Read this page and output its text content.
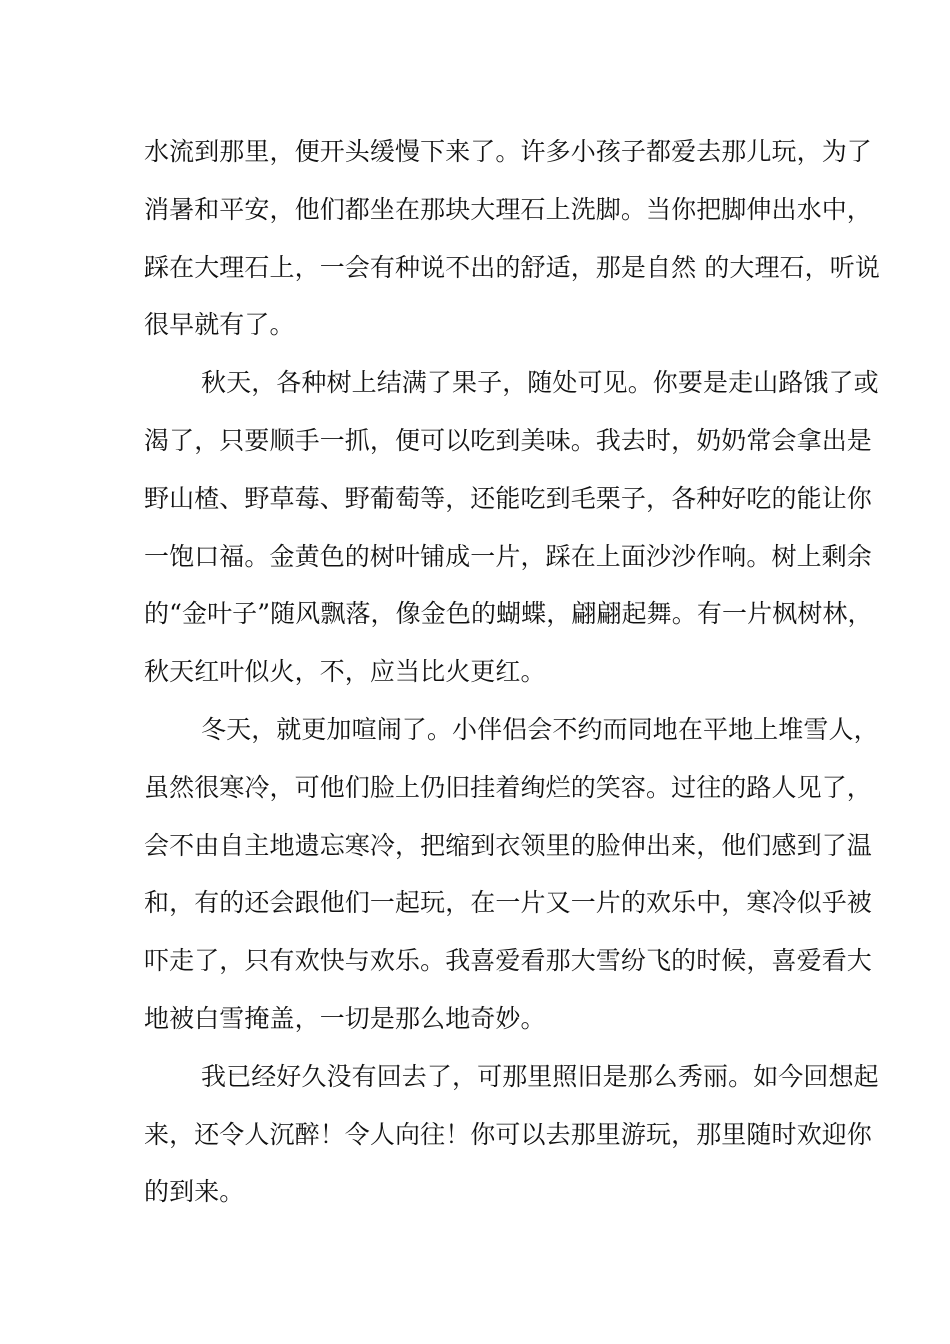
水流到那里，便开头缓慢下来了。许多小孩子都爱去那儿玩，为了
消暑和平安，他们都坐在那块大理石上洗脚。当你把脚伸出水中，
踩在大理石上，一会有种说不出的舒适，那是自然 的大理石，听说
很早就有了。
秋天，各种树上结满了果子，随处可见。你要是走山路饿了或
渴了，只要顺手一抓，便可以吃到美味。我去时，奶奶常会拿出是
野山楂、野草莓、野葡萄等，还能吃到毛栗子，各种好吃的能让你
一饱口福。金黄色的树叶铺成一片，踩在上面沙沙作响。树上剩余
的“金叶子”随风飘落，像金色的蝴蝶，翩翩起舞。有一片枫树林，
秋天红叶似火，不，应当比火更红。
冬天，就更加喧闹了。小伴侣会不约而同地在平地上堆雪人，
虽然很寒冷，可他们脸上仍旧挂着绚烂的笑容。过往的路人见了，
会不由自主地遗忘寒冷，把缩到衣领里的脸伸出来，他们感到了温
和，有的还会跟他们一起玩，在一片又一片的欢乐中，寒冷似乎被
吓走了，只有欢快与欢乐。我喜爱看那大雪纷飞的时候，喜爱看大
地被白雪掩盖，一切是那么地奇妙。
我已经好久没有回去了，可那里照旧是那么秀丽。如今回想起
来，还令人沉醉！令人向往！你可以去那里游玩，那里随时欢迎你
的到来。
